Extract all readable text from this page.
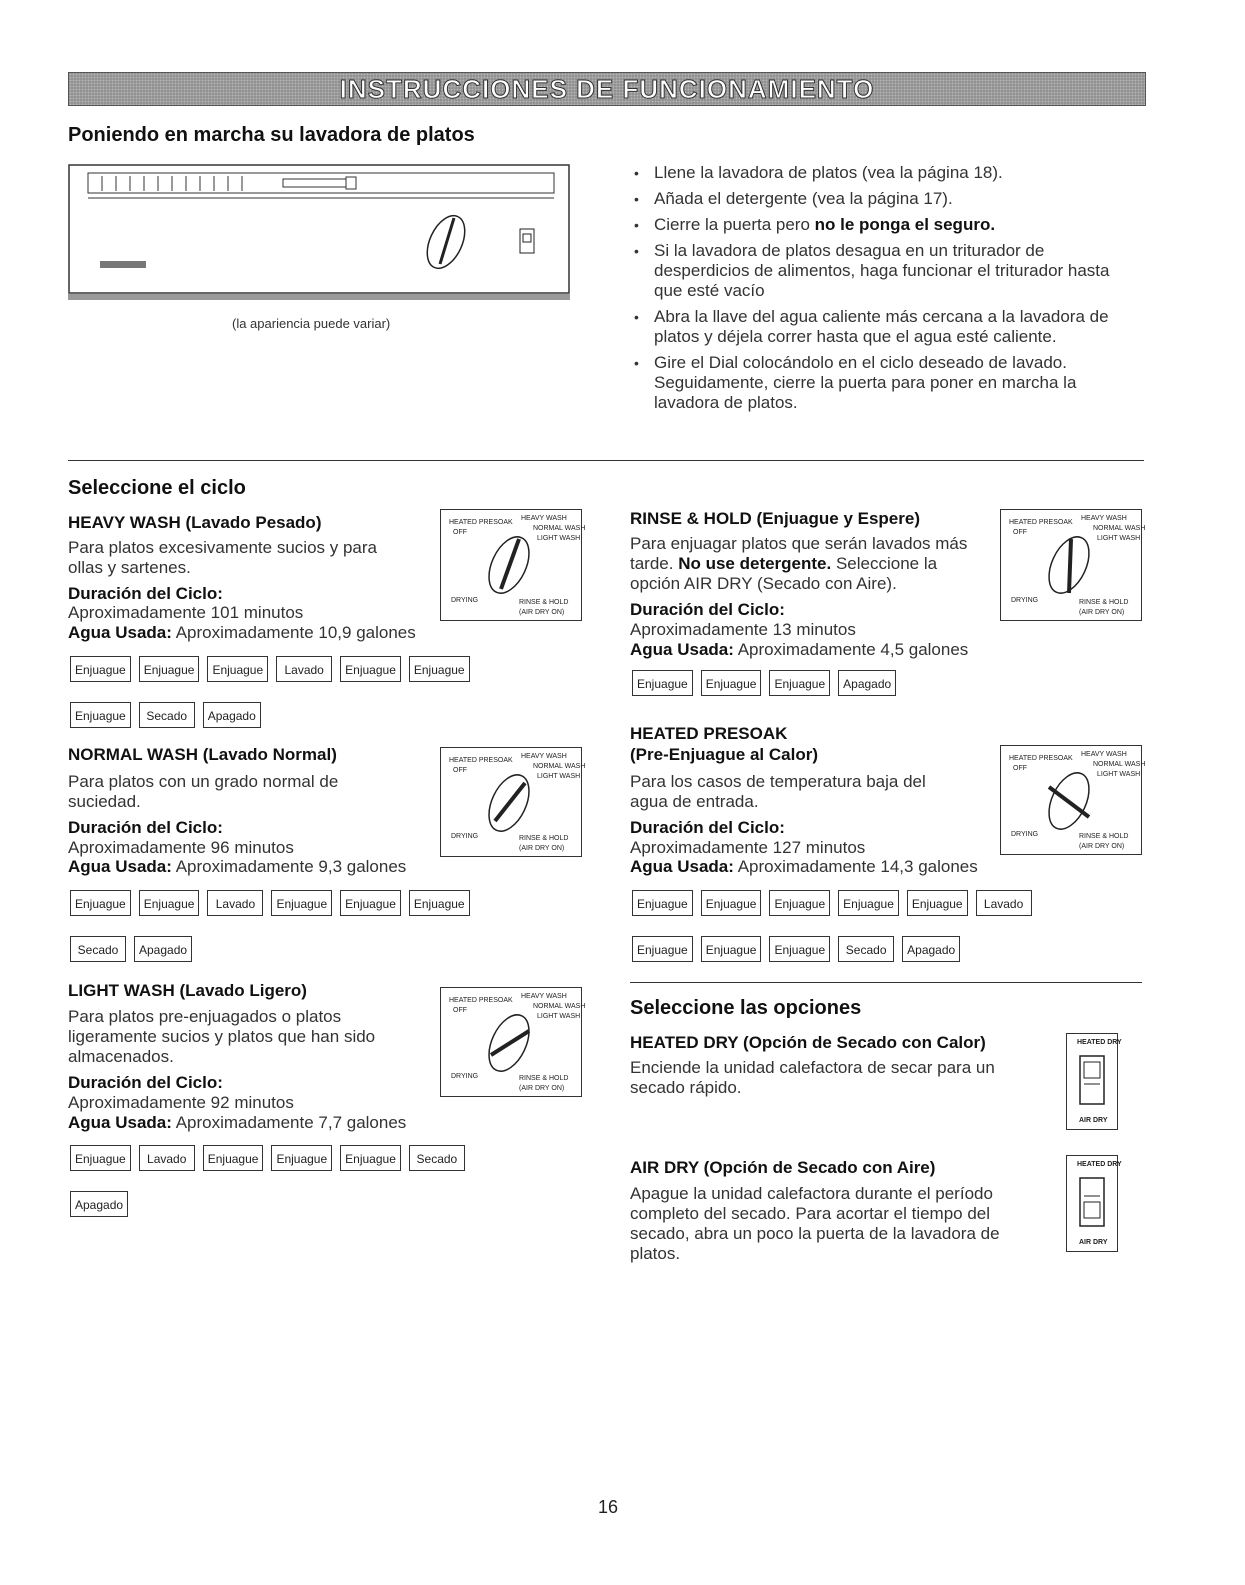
INSTRUCCIONES DE FUNCIONAMIENTO
Poniendo en marcha su lavadora de platos
(la apariencia puede variar)
• Llene la lavadora de platos (vea la página 18).
• Añada el detergente (vea la página 17).
• Cierre la puerta pero no le ponga el seguro.
• Si la lavadora de platos desagua en un triturador de desperdicios de alimentos, haga funcionar el triturador hasta que esté vacío
• Abra la llave del agua caliente más cercana a la lavadora de platos y déjela correr hasta que el agua esté caliente.
• Gire el Dial colocándolo en el ciclo deseado de lavado. Seguidamente, cierre la puerta para poner en marcha la lavadora de platos.
Seleccione el ciclo
HEAVY WASH (Lavado Pesado)
Para platos excesivamente sucios y para ollas y sartenes.
Duración del Ciclo:
Aproximadamente 101 minutos
Agua Usada: Aproximadamente 10,9 galones
HEATED PRESOAK
OFF
HEAVY WASH
NORMAL WASH
LIGHT WASH
DRYING	RINSE & HOLD
(AIR DRY ON)
Enjuague	Enjuague	Enjuague	Lavado	Enjuague	Enjuague
Enjuague	Secado	Apagado
NORMAL WASH (Lavado Normal)
Para platos con un grado normal de suciedad.
Duración del Ciclo:
Aproximadamente 96 minutos
Agua Usada: Aproximadamente 9,3 galones
HEATED PRESOAK
OFF
HEAVY WASH
NORMAL WASH
LIGHT WASH
DRYING	RINSE & HOLD
(AIR DRY ON)
Enjuague	Enjuague	Lavado	Enjuague	Enjuague	Enjuague
Secado	Apagado
LIGHT WASH (Lavado Ligero)
Para platos pre-enjuagados o platos ligeramente sucios y platos que han sido almacenados.
Duración del Ciclo:
Aproximadamente 92 minutos
Agua Usada: Aproximadamente 7,7 galones
HEATED PRESOAK
OFF
HEAVY WASH
NORMAL WASH
LIGHT WASH
DRYING	RINSE & HOLD
(AIR DRY ON)
Enjuague	Lavado	Enjuague	Enjuague	Enjuague	Secado
Apagado
RINSE & HOLD (Enjuague y Espere)
Para enjuagar platos que serán lavados más tarde. No use detergente. Seleccione la opción AIR DRY (Secado con Aire).
Duración del Ciclo:
Aproximadamente 13 minutos
Agua Usada: Aproximadamente 4,5 galones
HEATED PRESOAK
OFF
HEAVY WASH
NORMAL WASH
LIGHT WASH
DRYING	RINSE & HOLD
(AIR DRY ON)
Enjuague	Enjuague	Enjuague	Apagado
HEATED PRESOAK
(Pre-Enjuague al Calor)
Para los casos de temperatura baja del agua de entrada.
Duración del Ciclo:
Aproximadamente 127 minutos
Agua Usada: Aproximadamente 14,3 galones
HEATED PRESOAK
OFF
HEAVY WASH
NORMAL WASH
LIGHT WASH
DRYING	RINSE & HOLD
(AIR DRY ON)
Enjuague	Enjuague	Enjuague	Enjuague	Enjuague	Lavado
Enjuague	Enjuague	Enjuague	Secado	Apagado
Seleccione las opciones
HEATED DRY (Opción de Secado con Calor)
Enciende la unidad calefactora de secar para un secado rápido.
HEATED DRY
AIR DRY
AIR DRY (Opción de Secado con Aire)
Apague la unidad calefactora durante el período completo del secado. Para acortar el tiempo del secado, abra un poco la puerta de la lavadora de platos.
HEATED DRY
AIR DRY
16
